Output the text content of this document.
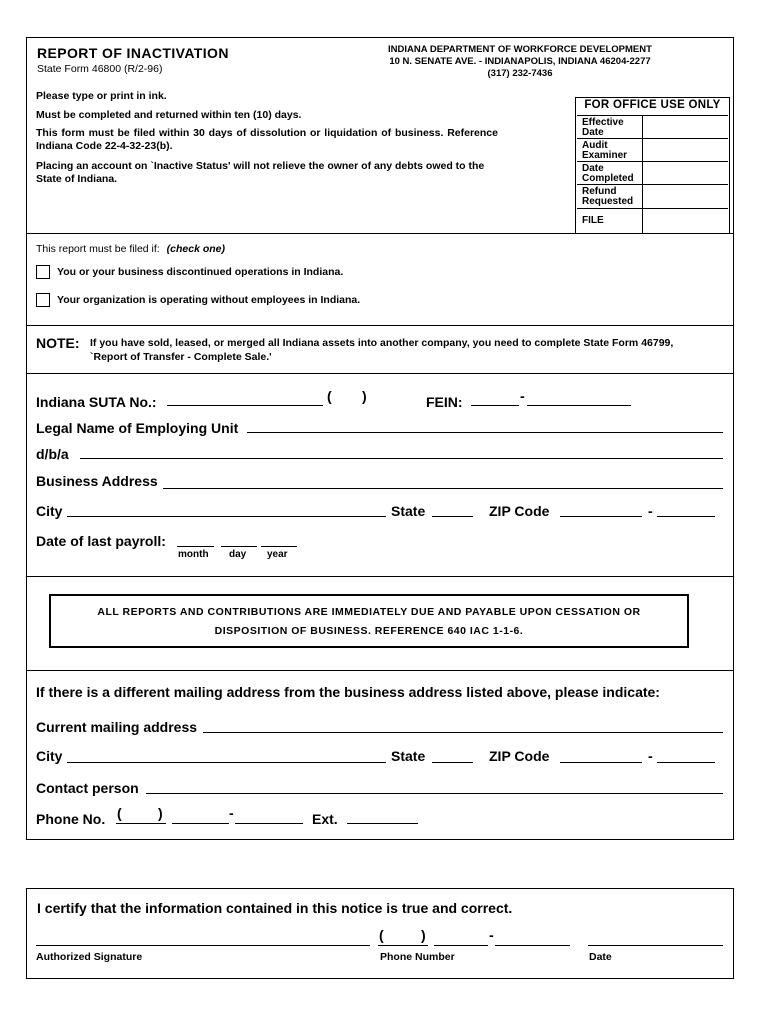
REPORT OF INACTIVATION
State Form 46800 (R/2-96)
INDIANA DEPARTMENT OF WORKFORCE DEVELOPMENT
10 N. SENATE AVE. - INDIANAPOLIS, INDIANA 46204-2277
(317) 232-7436
Please type or print in ink.
Must be completed and returned within ten (10) days.
This form must be filed within 30 days of dissolution or liquidation of business. Reference Indiana Code 22-4-32-23(b).
Placing an account on `Inactive Status' will not relieve the owner of any debts owed to the State of Indiana.
FOR OFFICE USE ONLY
Effective Date
Audit Examiner
Date Completed
Refund Requested
FILE
This report must be filed if: (check one)
You or your business discontinued operations in Indiana.
Your organization is operating without employees in Indiana.
NOTE: If you have sold, leased, or merged all Indiana assets into another company, you need to complete State Form 46799, `Report of Transfer - Complete Sale.'
Indiana SUTA No.:	( )	FEIN:	-
Legal Name of Employing Unit
d/b/a
Business Address
City	State	ZIP Code	-
Date of last payroll:
month day year
ALL REPORTS AND CONTRIBUTIONS ARE IMMEDIATELY DUE AND PAYABLE UPON CESSATION OR
DISPOSITION OF BUSINESS. REFERENCE 640 IAC 1-1-6.
If there is a different mailing address from the business address listed above, please indicate:
Current mailing address
City	State	ZIP Code	-
Contact person
Phone No. (	)	-	Ext.
I certify that the information contained in this notice is true and correct.
(	)	-
Authorized Signature	Phone Number	Date
